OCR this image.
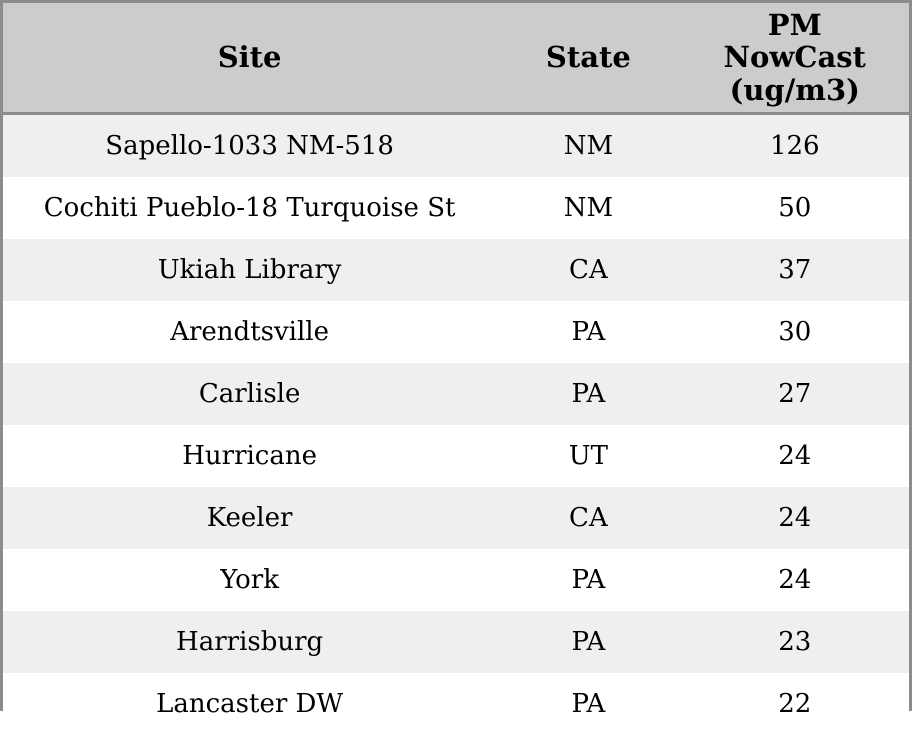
Site	State	PM
NowCast
(ug/m3)

Sapello-1033 NM-518	NM	126
Cochiti Pueblo-18 Turquoise St	NM	50
Ukiah Library	CA	37
Arendtsville	PA	30
Carlisle	PA	27
Hurricane	UT	24
Keeler	CA	24
York	PA	24
Harrisburg	PA	23
Lancaster DW	PA	22
